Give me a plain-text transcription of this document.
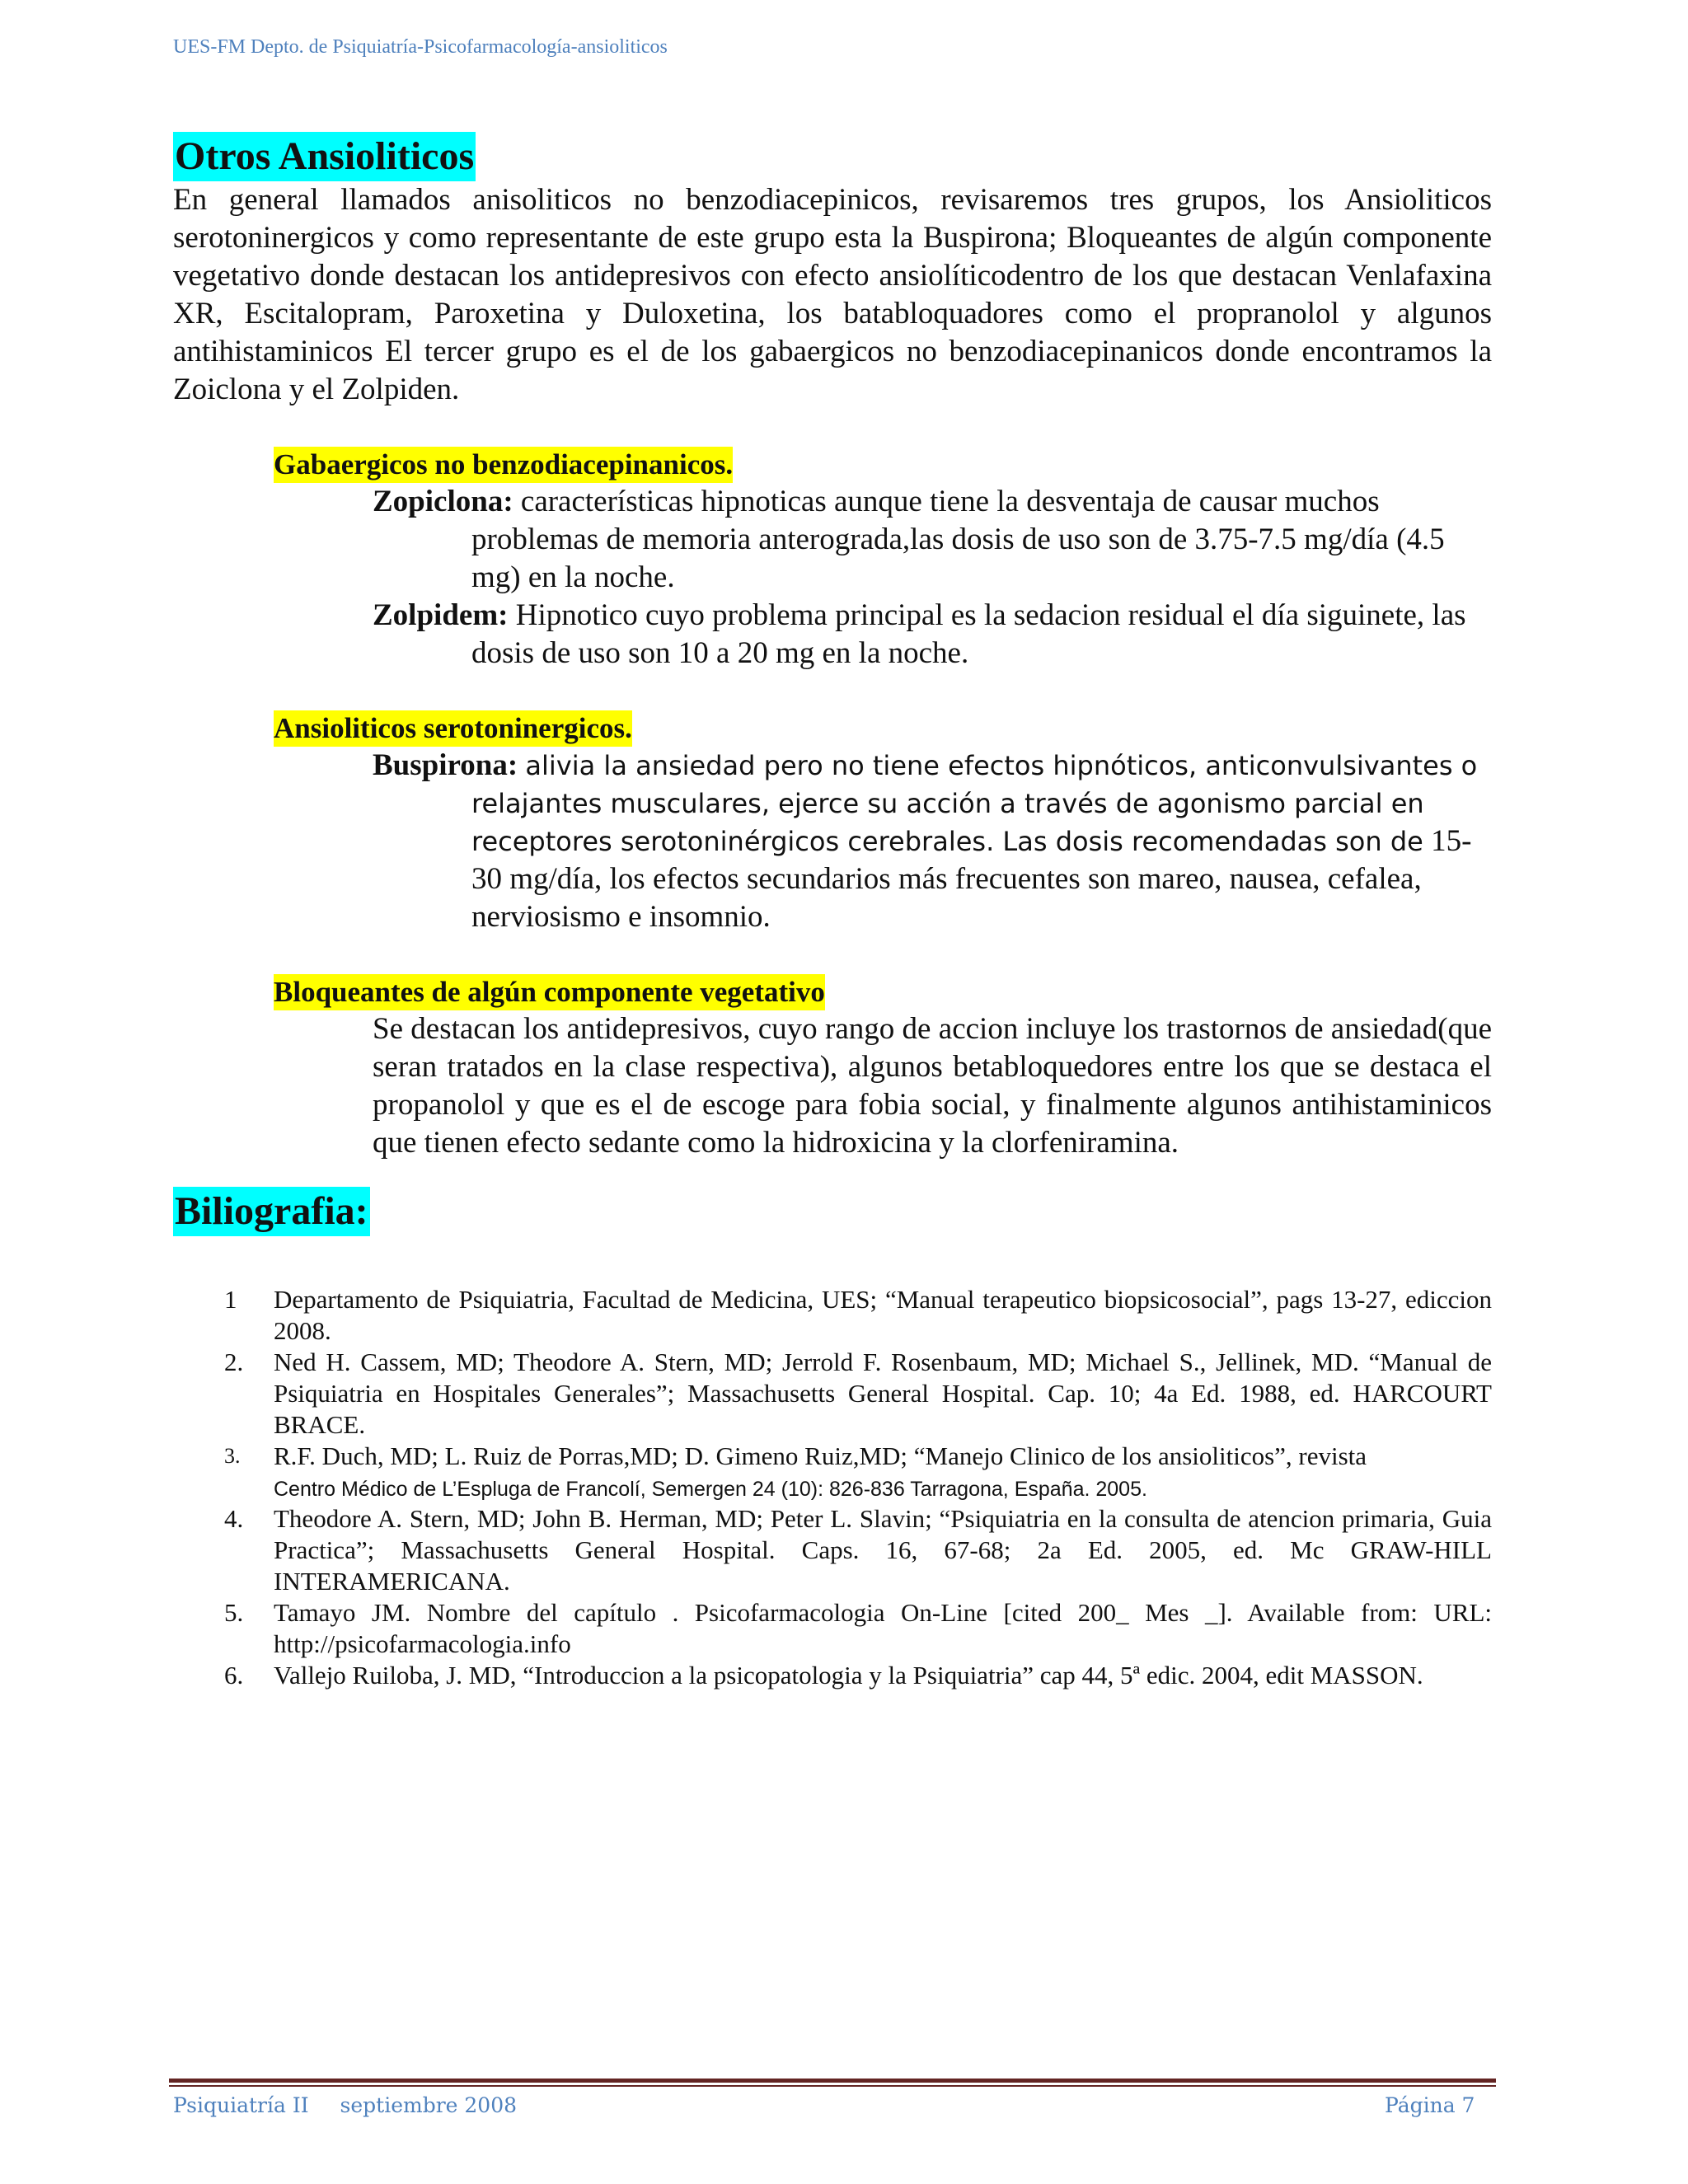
UES-FM Depto. de Psiquiatría-Psicofarmacología-ansioliticos
Otros Ansioliticos

En general llamados anisoliticos no benzodiacepinicos, revisaremos tres grupos, los Ansioliticos serotoninergicos y como representante de este grupo esta la Buspirona; Bloqueantes de algún componente vegetativo donde destacan los antidepresivos con efecto ansiolíticodentro de los que destacan Venlafaxina XR, Escitalopram, Paroxetina y Duloxetina, los batabloquadores como el propranolol y algunos antihistaminicos El tercer grupo es el de los gabaergicos no benzodiacepinanicos donde encontramos la Zoiclona y el Zolpiden.

Gabaergicos no benzodiacepinanicos.
Zopiclona: características hipnoticas aunque tiene la desventaja de causar muchos problemas de memoria anterograda,las dosis de uso son de 3.75-7.5 mg/día (4.5 mg) en la noche.
Zolpidem: Hipnotico cuyo problema principal es la sedacion residual el día siguinete, las dosis de uso son 10 a 20 mg en la noche.
Ansioliticos serotoninergicos.
Buspirona: alivia la ansiedad pero no tiene efectos hipnóticos, anticonvulsivantes o relajantes musculares, ejerce su acción a través de agonismo parcial en receptores serotoninérgicos cerebrales. Las dosis recomendadas son de 15-30 mg/día, los efectos secundarios más frecuentes son mareo, nausea, cefalea, nerviosismo e insomnio.
Bloqueantes de algún componente vegetativo
Se destacan los antidepresivos, cuyo rango de accion incluye los trastornos de ansiedad(que seran tratados en la clase respectiva), algunos betabloquedores entre los que se destaca el propanolol y que es el de escoge para fobia social, y finalmente algunos antihistaminicos que tienen efecto sedante como la hidroxicina y la clorfeniramina.
Biliografia:
1 Departamento de Psiquiatria, Facultad de Medicina, UES; “Manual terapeutico biopsicosocial”, pags 13-27, ediccion 2008.
2. Ned H. Cassem, MD; Theodore A. Stern, MD; Jerrold F. Rosenbaum, MD; Michael S., Jellinek, MD. “Manual de Psiquiatria en Hospitales Generales”; Massachusetts General Hospital. Cap. 10; 4a Ed. 1988, ed. HARCOURT BRACE.
3. R.F. Duch, MD; L. Ruiz de Porras,MD; D. Gimeno Ruiz,MD; “Manejo Clinico de los ansioliticos”, revista
Centro Médico de L’Espluga de Francolí, Semergen 24 (10): 826-836 Tarragona, España. 2005.
4. Theodore A. Stern, MD; John B. Herman, MD; Peter L. Slavin; “Psiquiatria en la consulta de atencion primaria, Guia Practica”; Massachusetts General Hospital. Caps. 16, 67-68; 2a Ed. 2005, ed. Mc GRAW-HILL INTERAMERICANA.
5. Tamayo JM. Nombre del capítulo . Psicofarmacologia On-Line [cited 200_ Mes _]. Available from: URL: http://psicofarmacologia.info
6. Vallejo Ruiloba, J. MD, “Introduccion a la psicopatologia y la Psiquiatria” cap 44, 5ª edic. 2004, edit MASSON.
Psiquiatría II septiembre 2008	Página 7
